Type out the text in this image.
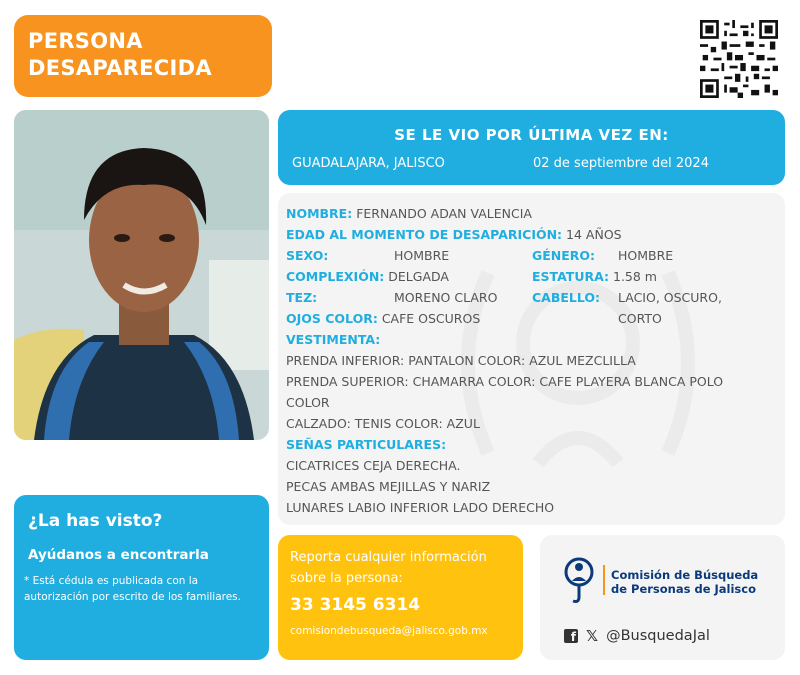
PERSONA
DESAPARECIDA
SE LE VIO POR ÚLTIMA VEZ EN:
GUADALAJARA, JALISCO	02 de septiembre del 2024
NOMBRE: FERNANDO ADAN VALENCIA
EDAD AL MOMENTO DE DESAPARICIÓN: 14 AÑOS
SEXO:	HOMBRE	GÉNERO: HOMBRE
COMPLEXIÓN: DELGADA	ESTATURA: 1.58 m
TEZ:	MORENO CLARO	CABELLO: LACIO, OSCURO,
CORTO
OJOS COLOR: CAFE OSCUROS
VESTIMENTA:
PRENDA INFERIOR: PANTALON COLOR: AZUL MEZCLILLA
PRENDA SUPERIOR: CHAMARRA COLOR: CAFE PLAYERA BLANCA POLO
COLOR
CALZADO: TENIS COLOR: AZUL
SEÑAS PARTICULARES:
CICATRICES CEJA DERECHA.
PECAS AMBAS MEJILLAS Y NARIZ
LUNARES LABIO INFERIOR LADO DERECHO
¿La has visto?
Ayúdanos a encontrarla
* Está cédula es publicada con la autorización por escrito de los familiares.
Reporta cualquier información sobre la persona:
33 3145 6314
comisiondebusqueda@jalisco.gob.mx
Comisión de Búsqueda
de Personas de Jalisco
f 𝕏 @BusquedaJal
